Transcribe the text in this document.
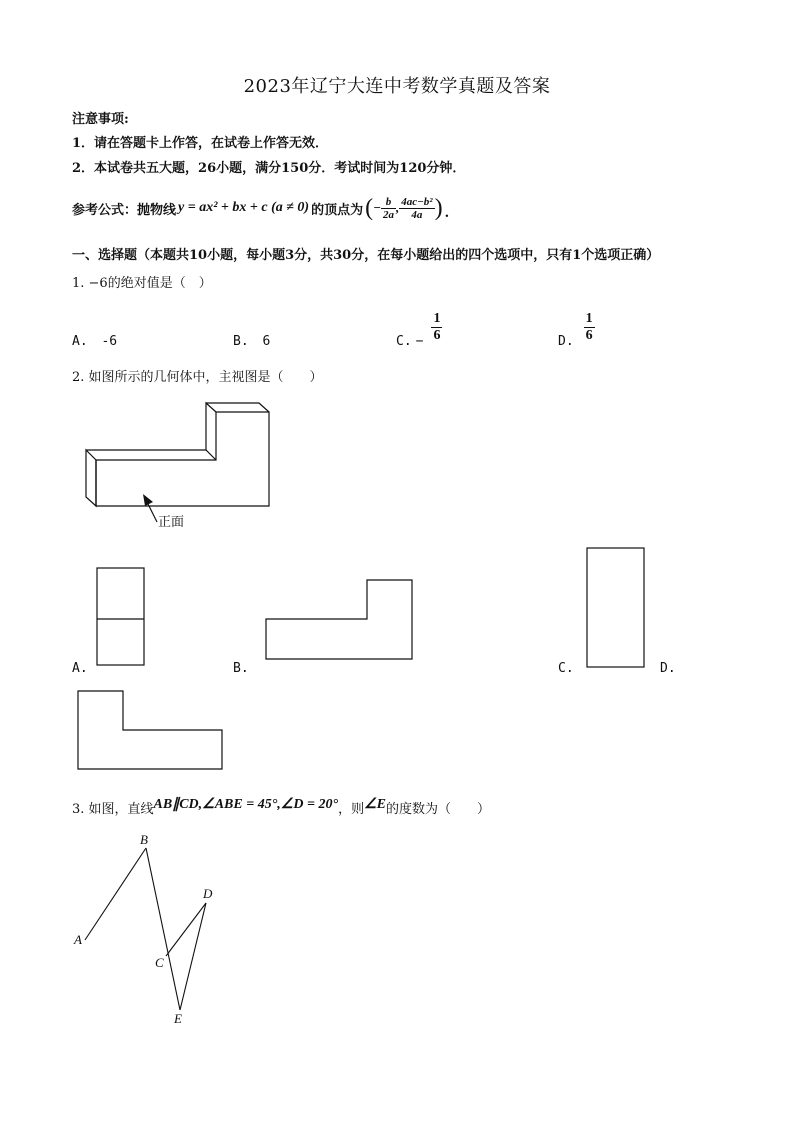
2023年辽宁大连中考数学真题及答案
注意事项:
1．请在答题卡上作答，在试卷上作答无效．
2．本试卷共五大题，26小题，满分150分．考试时间为120分钟．
参考公式：抛物线 y = ax² + bx + c (a ≠ 0) 的顶点为 ( − $\frac{b}{2a}$ , $\frac{\text{4ac−b²}}{4a}$ ) .
一、选择题（本题共10小题，每小题3分，共30分，在每小题给出的四个选项中，只有1个选项正确）
1. −6的绝对值是（　）
A. -6	B. 6	C. − $\frac{1}{6}$	D. $\frac{1}{6}$
2. 如图所示的几何体中，主视图是（　　）
正面
A.	B.	C.	D.
3. 如图，直线 AB∥CD,∠ABE = 45°,∠D = 20° ，则 ∠E 的度数为（　　）
A
B
C
D
E
